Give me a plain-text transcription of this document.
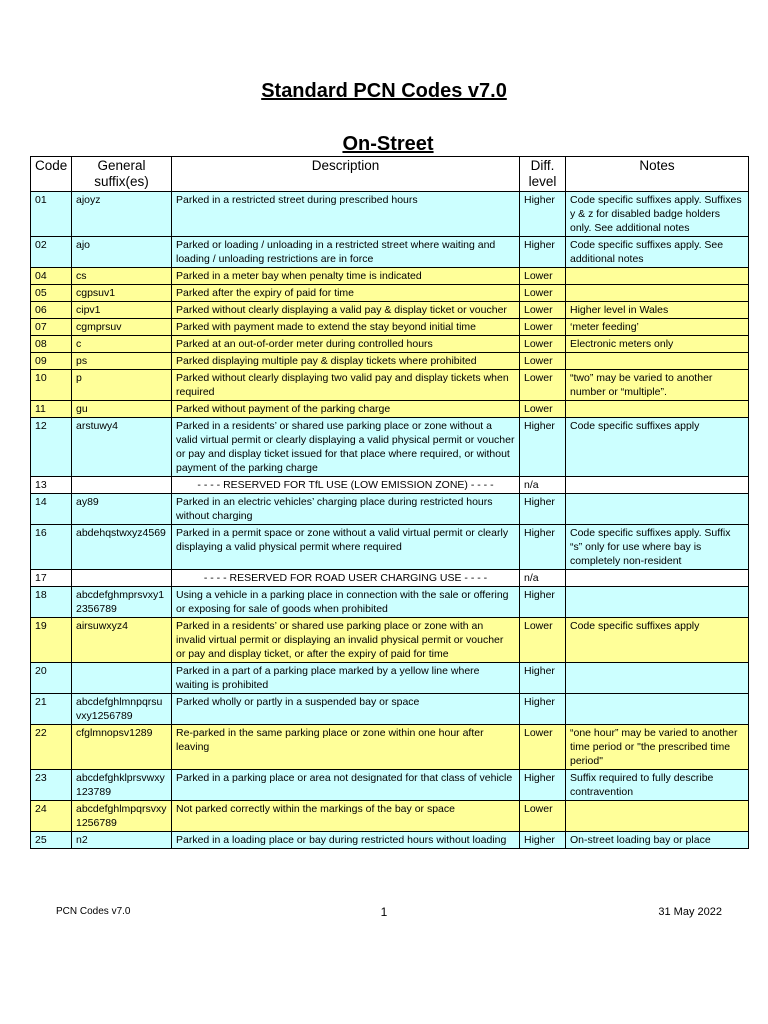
Standard PCN Codes v7.0
On-Street
Code	General suffix(es)	Description	Diff. level	Notes
01	ajoyz	Parked in a restricted street during prescribed hours	Higher	Code specific suffixes apply. Suffixes y & z for disabled badge holders only. See additional notes
02	ajo	Parked or loading / unloading in a restricted street where waiting and loading / unloading restrictions are in force	Higher	Code specific suffixes apply. See additional notes
04	cs	Parked in a meter bay when penalty time is indicated	Lower	
05	cgpsuv1	Parked after the expiry of paid for time	Lower	
06	cipv1	Parked without clearly displaying a valid pay & display ticket or voucher	Lower	Higher level in Wales
07	cgmprsuv	Parked with payment made to extend the stay beyond initial time	Lower	‘meter feeding’
08	c	Parked at an out-of-order meter during controlled hours	Lower	Electronic meters only
09	ps	Parked displaying multiple pay & display tickets where prohibited	Lower	
10	p	Parked without clearly displaying two valid pay and display tickets when required	Lower	“two” may be varied to another number or “multiple”.
11	gu	Parked without payment of the parking charge	Lower	
12	arstuwy4	Parked in a residents’ or shared use parking place or zone without a valid virtual permit or clearly displaying a valid physical permit or voucher or pay and display ticket issued for that place where required, or without payment of the parking charge	Higher	Code specific suffixes apply
13		- - - - RESERVED FOR TfL USE (LOW EMISSION ZONE) - - - -	n/a	
14	ay89	Parked in an electric vehicles’ charging place during restricted hours without charging	Higher	
16	abdehqstwxyz4569	Parked in a permit space or zone without a valid virtual permit or clearly displaying a valid physical permit where required	Higher	Code specific suffixes apply. Suffix “s” only for use where bay is completely non-resident
17		- - - - RESERVED FOR ROAD USER CHARGING USE - - - -	n/a	
18	abcdefghmprsvxy12356789	Using a vehicle in a parking place in connection with the sale or offering or exposing for sale of goods when prohibited	Higher	
19	airsuwxyz4	Parked in a residents’ or shared use parking place or zone with an invalid virtual permit or displaying an invalid physical permit or voucher or pay and display ticket, or after the expiry of paid for time	Lower	Code specific suffixes apply
20		Parked in a part of a parking place marked by a yellow line where waiting is prohibited	Higher	
21	abcdefghlmnpqrsuvxy1256789	Parked wholly or partly in a suspended bay or space	Higher	
22	cfglmnopsv1289	Re-parked in the same parking place or zone within one hour after leaving	Lower	“one hour” may be varied to another time period or "the prescribed time period"
23	abcdefghklprsvwxy123789	Parked in a parking place or area not designated for that class of vehicle	Higher	Suffix required to fully describe contravention
24	abcdefghlmpqrsvxy1256789	Not parked correctly within the markings of the bay or space	Lower	
25	n2	Parked in a loading place or bay during restricted hours without loading	Higher	On-street loading bay or place
PCN Codes v7.0	1	31 May 2022
